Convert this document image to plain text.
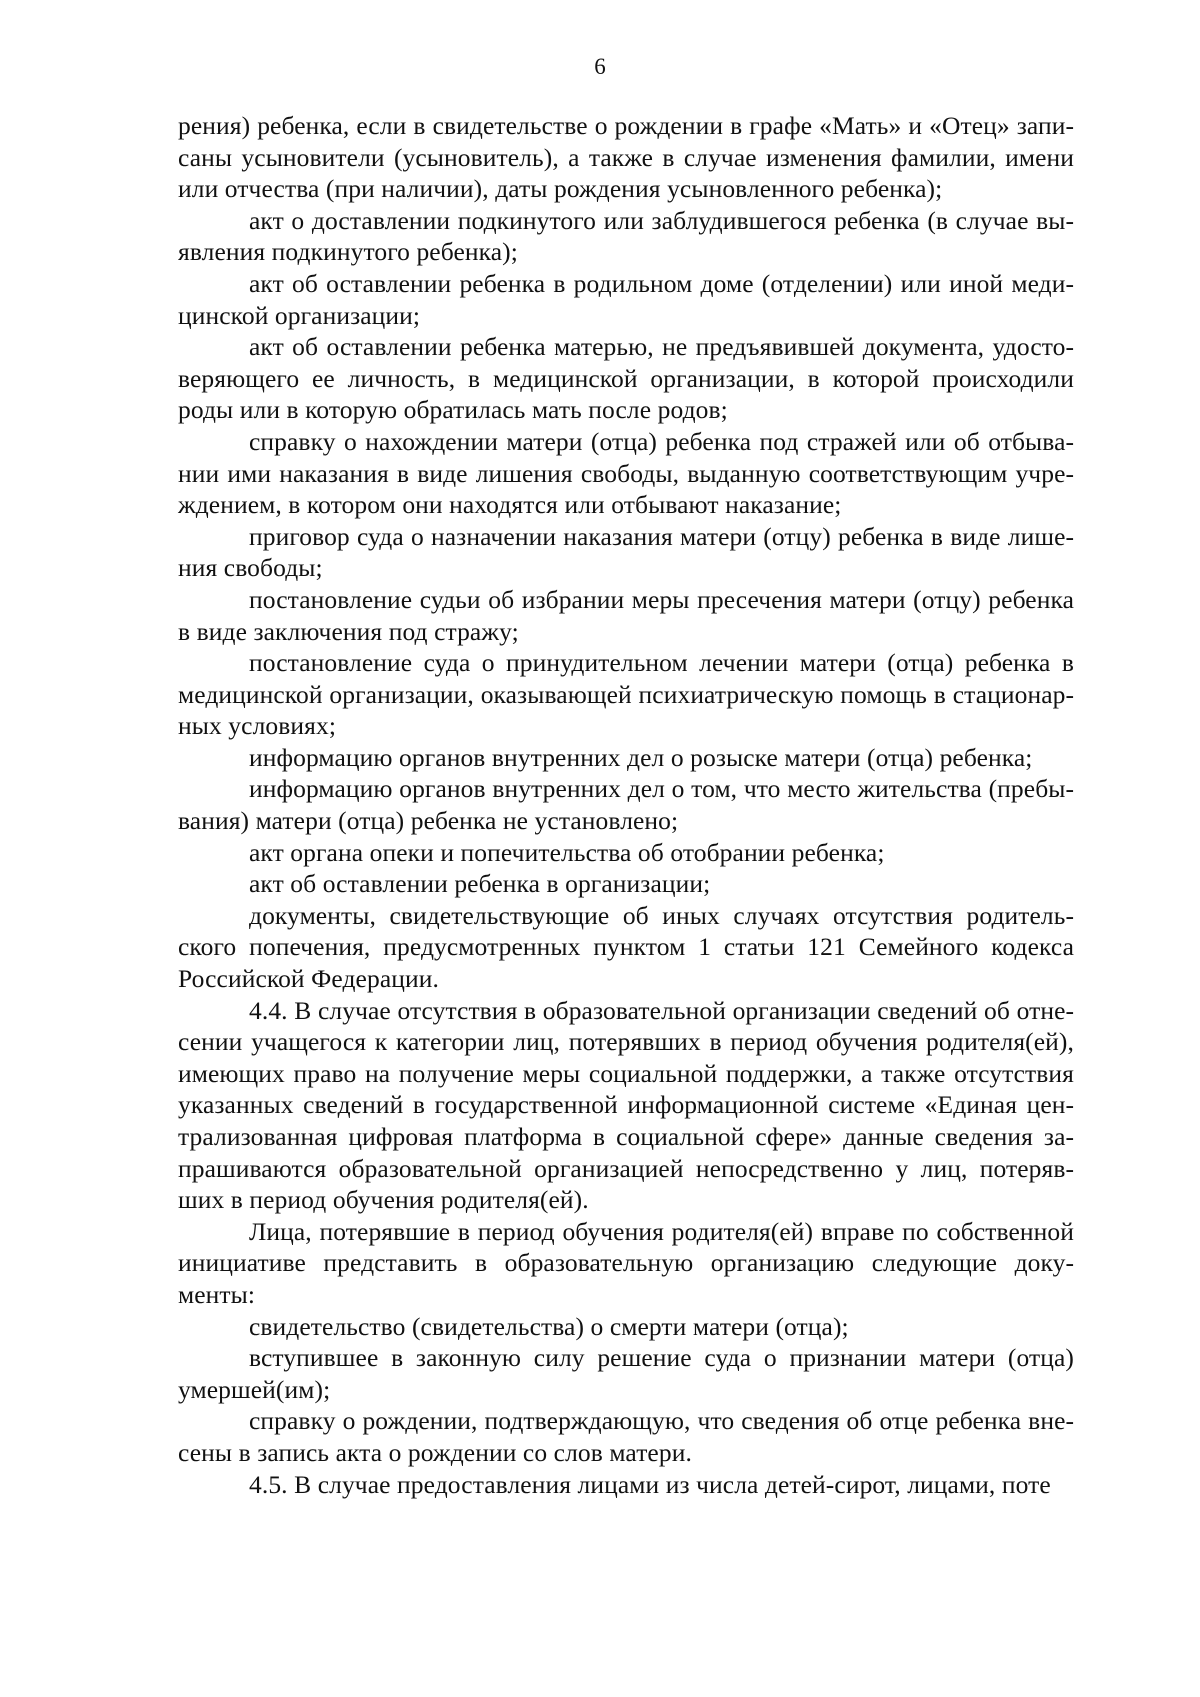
6

рения) ребенка, если в свидетельстве о рождении в графе «Мать» и «Отец» записаны усыновители (усыновитель), а также в случае изменения фамилии, имени или отчества (при наличии), даты рождения усыновленного ребенка);

акт о доставлении подкинутого или заблудившегося ребенка (в случае выявления подкинутого ребенка);

акт об оставлении ребенка в родильном доме (отделении) или иной медицинской организации;

акт об оставлении ребенка матерью, не предъявившей документа, удостоверяющего ее личность, в медицинской организации, в которой происходили роды или в которую обратилась мать после родов;

справку о нахождении матери (отца) ребенка под стражей или об отбывании ими наказания в виде лишения свободы, выданную соответствующим учреждением, в котором они находятся или отбывают наказание;

приговор суда о назначении наказания матери (отцу) ребенка в виде лишения свободы;

постановление судьи об избрании меры пресечения матери (отцу) ребенка в виде заключения под стражу;

постановление суда о принудительном лечении матери (отца) ребенка в медицинской организации, оказывающей психиатрическую помощь в стационарных условиях;

информацию органов внутренних дел о розыске матери (отца) ребенка;

информацию органов внутренних дел о том, что место жительства (пребывания) матери (отца) ребенка не установлено;

акт органа опеки и попечительства об отобрании ребенка;

акт об оставлении ребенка в организации;

документы, свидетельствующие об иных случаях отсутствия родительского попечения, предусмотренных пунктом 1 статьи 121 Семейного кодекса Российской Федерации.

4.4. В случае отсутствия в образовательной организации сведений об отнесении учащегося к категории лиц, потерявших в период обучения родителя(ей), имеющих право на получение меры социальной поддержки, а также отсутствия указанных сведений в государственной информационной системе «Единая централизованная цифровая платформа в социальной сфере» данные сведения запрашиваются образовательной организацией непосредственно у лиц, потерявших в период обучения родителя(ей).

Лица, потерявшие в период обучения родителя(ей) вправе по собственной инициативе представить в образовательную организацию следующие документы:

свидетельство (свидетельства) о смерти матери (отца);

вступившее в законную силу решение суда о признании матери (отца) умершей(им);

справку о рождении, подтверждающую, что сведения об отце ребенка внесены в запись акта о рождении со слов матери.

4.5. В случае предоставления лицами из числа детей-сирот, лицами, поте
